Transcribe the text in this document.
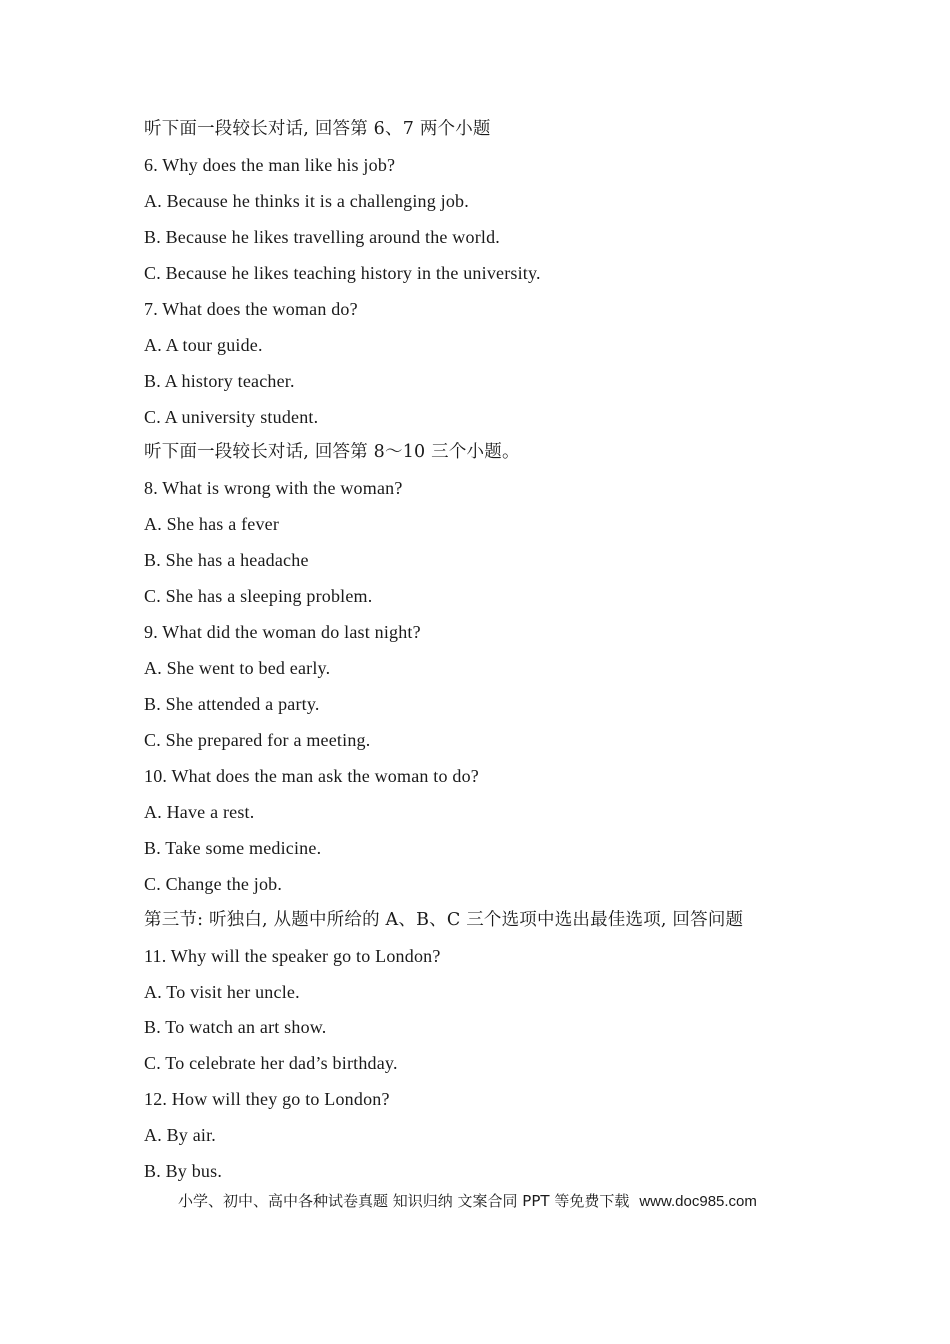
听下面一段较长对话, 回答第 6、7 两个小题
6. Why does the man like his job?
A. Because he thinks it is a challenging job.
B. Because he likes travelling around the world.
C. Because he likes teaching history in the university.
7. What does the woman do?
A. A tour guide.
B. A history teacher.
C. A university student.
听下面一段较长对话, 回答第 8～10 三个小题。
8. What is wrong with the woman?
A. She has a fever
B. She has a headache
C. She has a sleeping problem.
9. What did the woman do last night?
A. She went to bed early.
B. She attended a party.
C. She prepared for a meeting.
10. What does the man ask the woman to do?
A. Have a rest.
B. Take some medicine.
C. Change the job.
第三节: 听独白, 从题中所给的 A、B、C 三个选项中选出最佳选项, 回答问题
11. Why will the speaker go to London?
A. To visit her uncle.
B. To watch an art show.
C. To celebrate her dad’s birthday.
12. How will they go to London?
A. By air.
B. By bus.
小学、初中、高中各种试卷真题 知识归纳 文案合同 PPT 等免费下载 www.doc985.com
